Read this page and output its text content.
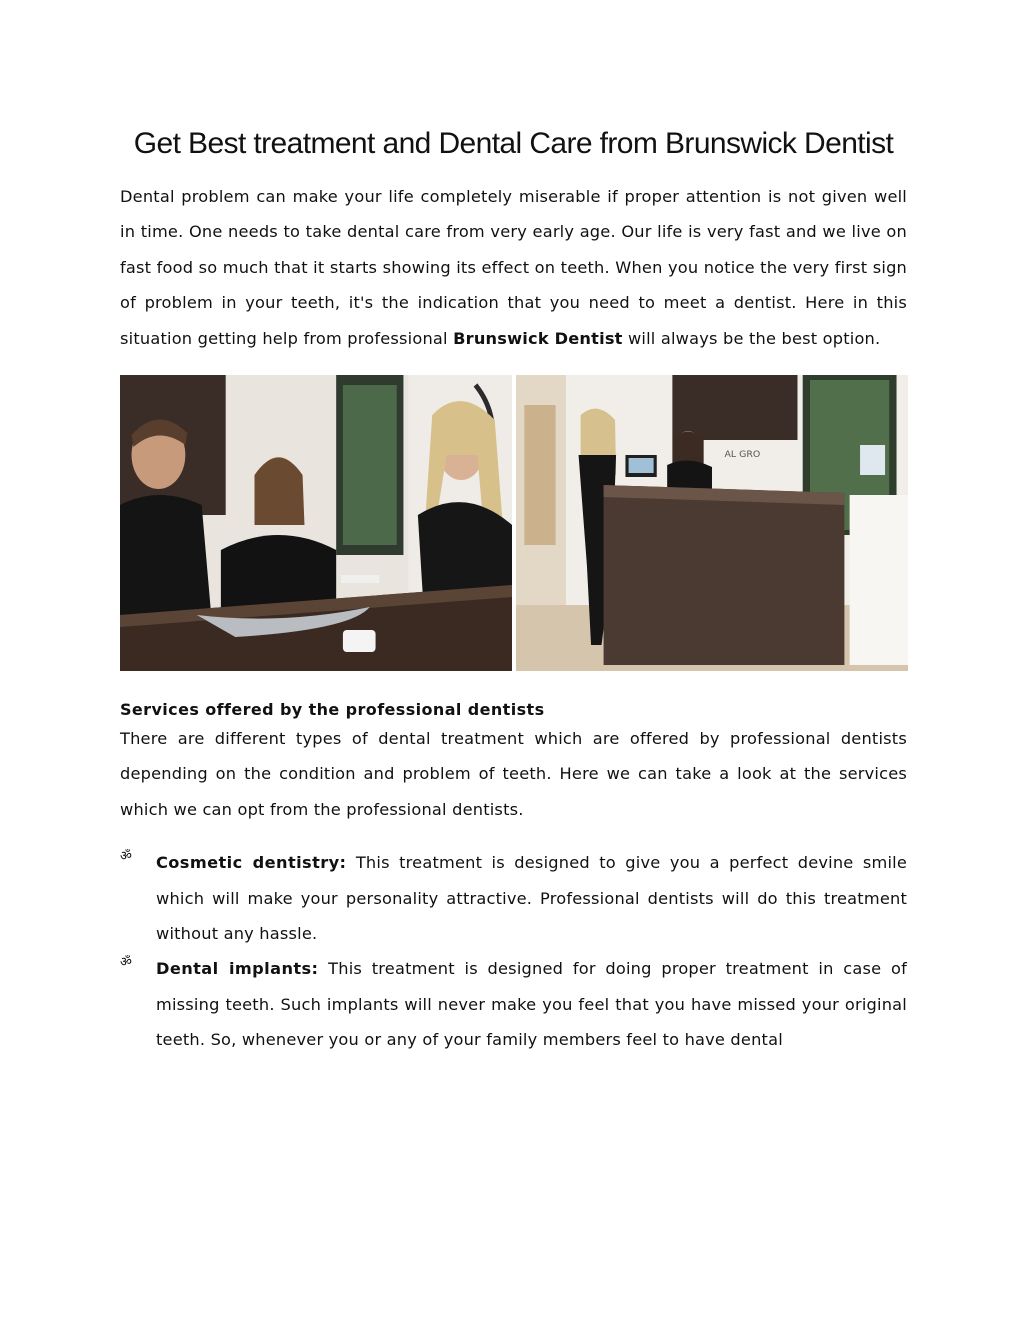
Get Best treatment and Dental Care from Brunswick Dentist

Dental problem can make your life completely miserable if proper attention is not given well in time. One needs to take dental care from very early age. Our life is very fast and we live on fast food so much that it starts showing its effect on teeth. When you notice the very first sign of problem in your teeth, it's the indication that you need to meet a dentist. Here in this situation getting help from professional Brunswick Dentist will always be the best option.

AL GRO
Services offered by the professional dentists

There are different types of dental treatment which are offered by professional dentists depending on the condition and problem of teeth. Here we can take a look at the services which we can opt from the professional dentists.

ॐ Cosmetic dentistry: This treatment is designed to give you a perfect devine smile which will make your personality attractive. Professional dentists will do this treatment without any hassle.
ॐ Dental implants: This treatment is designed for doing proper treatment in case of missing teeth. Such implants will never make you feel that you have missed your original teeth. So, whenever you or any of your family members feel to have dental
